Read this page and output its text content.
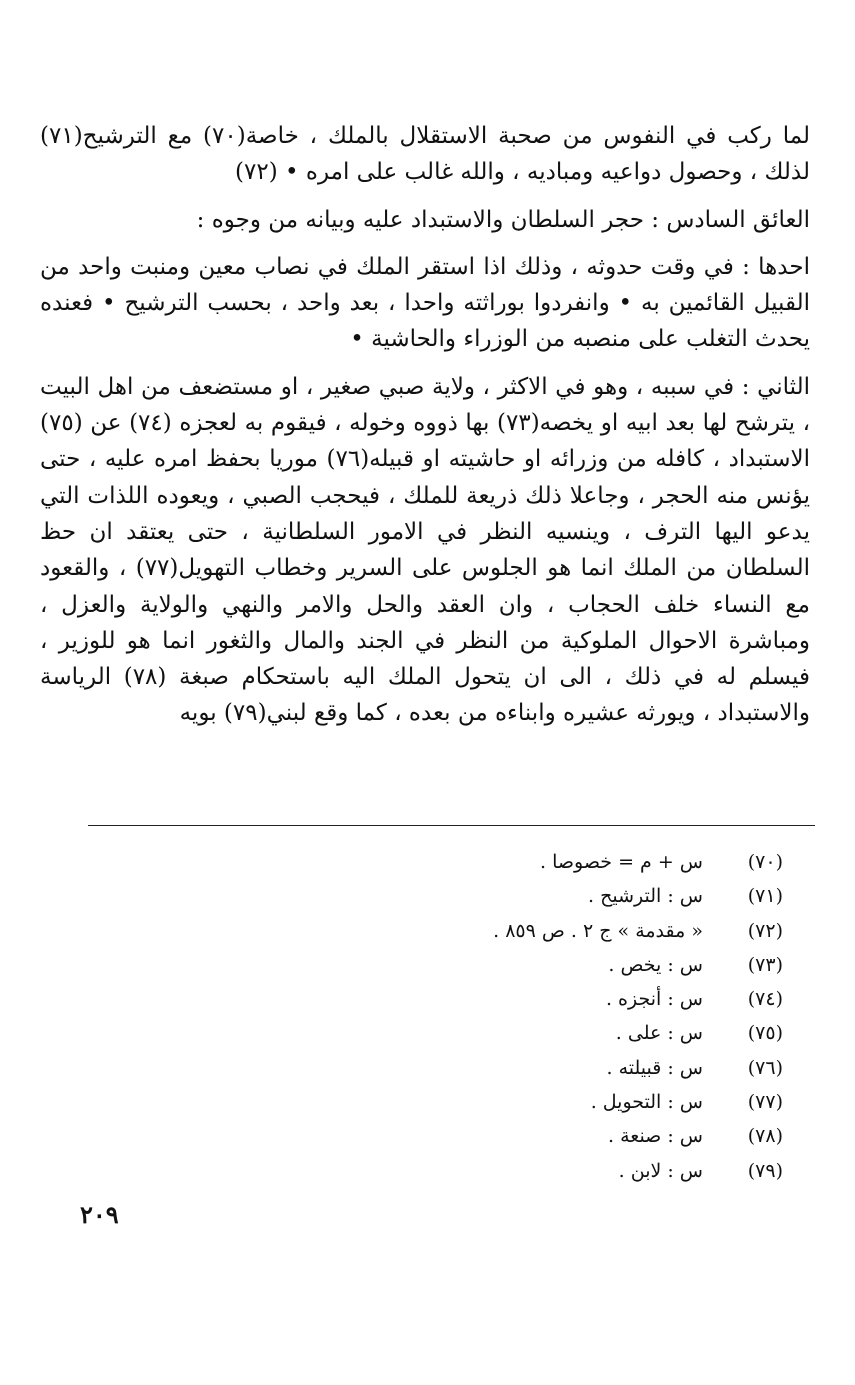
لما ركب في النفوس من صحبة الاستقلال بالملك ، خاصة(٧٠) مع الترشيح(٧١) لذلك ، وحصول دواعيه ومباديه ، والله غالب على امره • (٧٢)

العائق السادس : حجر السلطان والاستبداد عليه وبيانه من وجوه :

احدها : في وقت حدوثه ، وذلك اذا استقر الملك في نصاب معين ومنبت واحد من القبيل القائمين به • وانفردوا بوراثته واحدا ، بعد واحد ، بحسب الترشيح • فعنده يحدث التغلب على منصبه من الوزراء والحاشية •

الثاني : في سببه ، وهو في الاكثر ، ولاية صبي صغير ، او مستضعف من اهل البيت ، يترشح لها بعد ابيه او يخصه(٧٣) بها ذووه وخوله ، فيقوم به لعجزه (٧٤) عن (٧٥) الاستبداد ، كافله من وزرائه او حاشيته او قبيله(٧٦) موريا بحفظ امره عليه ، حتى يؤنس منه الحجر ، وجاعلا ذلك ذريعة للملك ، فيحجب الصبي ، ويعوده اللذات التي يدعو اليها الترف ، وينسيه النظر في الامور السلطانية ، حتى يعتقد ان حظ السلطان من الملك انما هو الجلوس على السرير وخطاب التهويل(٧٧) ، والقعود مع النساء خلف الحجاب ، وان العقد والحل والامر والنهي والولاية والعزل ، ومباشرة الاحوال الملوكية من النظر في الجند والمال والثغور انما هو للوزير ، فيسلم له في ذلك ، الى ان يتحول الملك اليه باستحكام صبغة (٧٨) الرياسة والاستبداد ، ويورثه عشيره وابناءه من بعده ، كما وقع لبني(٧٩) بويه

(٧٠)س + م = خصوصا .
(٧١)س : الترشيح .
(٧٢)« مقدمة » ج ٢ . ص ٨٥٩ .
(٧٣)س : يخص .
(٧٤)س : أنجزه .
(٧٥)س : على .
(٧٦)س : قبيلته .
(٧٧)س : التحويل .
(٧٨)س : صنعة .
(٧٩)س : لابن .
٢٠٩
